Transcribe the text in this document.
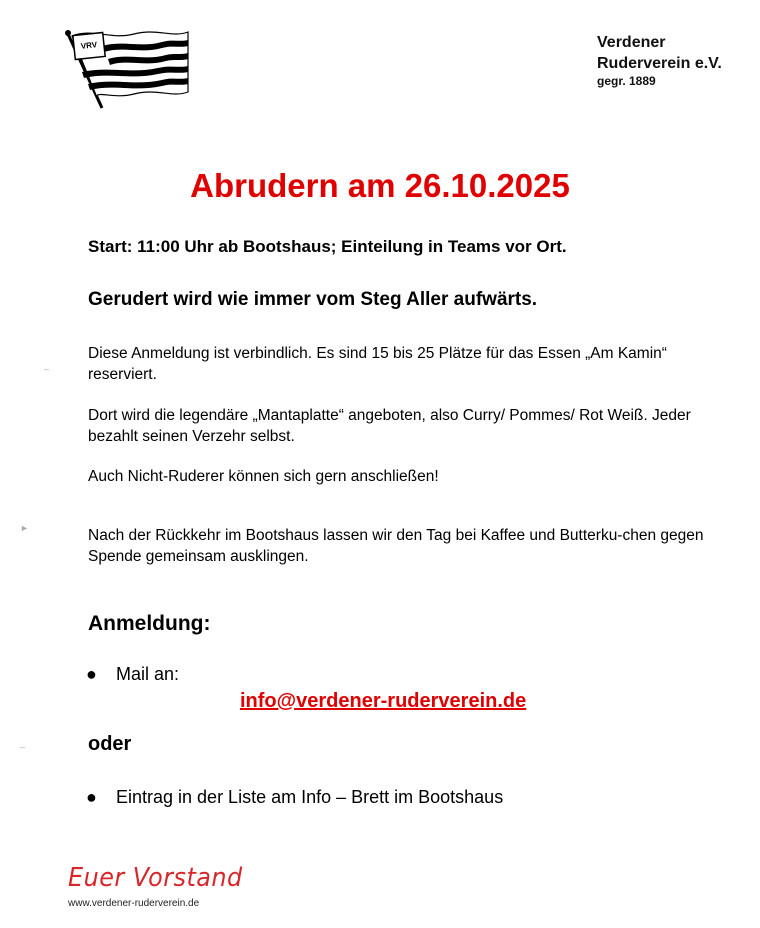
VRV	Verdener
Ruderverein e.V.
gegr. 1889
Abrudern am 26.10.2025
Start: 11:00 Uhr ab Bootshaus; Einteilung in Teams vor Ort.
Gerudert wird wie immer vom Steg Aller aufwärts.
Diese Anmeldung ist verbindlich. Es sind 15 bis 25 Plätze für das Essen „Am Kamin“ reserviert.
Dort wird die legendäre „Mantaplatte“ angeboten, also Curry/ Pommes/ Rot Weiß. Jeder bezahlt seinen Verzehr selbst.
Auch Nicht-Ruderer können sich gern anschließen!
Nach der Rückkehr im Bootshaus lassen wir den Tag bei Kaffee und Butterku-chen gegen Spende gemeinsam ausklingen.
Anmeldung:
● Mail an:
info@verdener-ruderverein.de
oder
● Eintrag in der Liste am Info – Brett im Bootshaus
Euer Vorstand
www.verdener-ruderverein.de
–
►
–
